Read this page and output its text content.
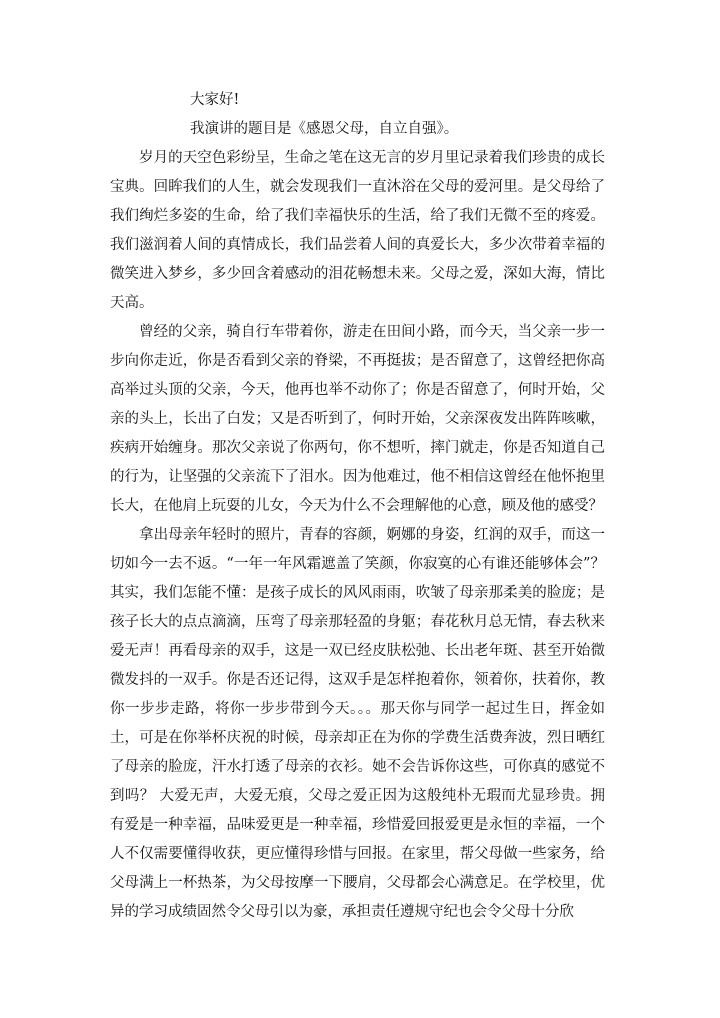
大家好!

我演讲的题目是《感恩父母，自立自强》。

岁月的天空色彩纷呈，生命之笔在这无言的岁月里记录着我们珍贵的成长宝典。回眸我们的人生，就会发现我们一直沐浴在父母的爱河里。是父母给了我们绚烂多姿的生命，给了我们幸福快乐的生活，给了我们无微不至的疼爱。我们滋润着人间的真情成长，我们品尝着人间的真爱长大，多少次带着幸福的微笑进入梦乡，多少回含着感动的泪花畅想未来。父母之爱，深如大海，情比天高。

曾经的父亲，骑自行车带着你，游走在田间小路，而今天，当父亲一步一步向你走近，你是否看到父亲的脊梁，不再挺拔；是否留意了，这曾经把你高高举过头顶的父亲，今天，他再也举不动你了；你是否留意了，何时开始，父亲的头上，长出了白发；又是否听到了，何时开始，父亲深夜发出阵阵咳嗽，疾病开始缠身。那次父亲说了你两句，你不想听，摔门就走，你是否知道自己的行为，让坚强的父亲流下了泪水。因为他难过，他不相信这曾经在他怀抱里长大，在他肩上玩耍的儿女，今天为什么不会理解他的心意，顾及他的感受？

拿出母亲年轻时的照片，青春的容颜，婀娜的身姿，红润的双手，而这一切如今一去不返。“一年一年风霜遮盖了笑颜，你寂寞的心有谁还能够体会”？其实，我们怎能不懂：是孩子成长的风风雨雨，吹皱了母亲那柔美的脸庞；是孩子长大的点点滴滴，压弯了母亲那轻盈的身躯；春花秋月总无情，春去秋来爱无声！再看母亲的双手，这是一双已经皮肤松弛、长出老年斑、甚至开始微微发抖的一双手。你是否还记得，这双手是怎样抱着你，领着你，扶着你，教你一步步走路，将你一步步带到今天。。。那天你与同学一起过生日，挥金如土，可是在你举杯庆祝的时候，母亲却正在为你的学费生活费奔波，烈日晒红了母亲的脸庞，汗水打透了母亲的衣衫。她不会告诉你这些，可你真的感觉不到吗？ 大爱无声，大爱无痕，父母之爱正因为这般纯朴无瑕而尤显珍贵。拥有爱是一种幸福，品味爱更是一种幸福，珍惜爱回报爱更是永恒的幸福，一个人不仅需要懂得收获，更应懂得珍惜与回报。在家里，帮父母做一些家务，给父母满上一杯热茶，为父母按摩一下腰肩，父母都会心满意足。在学校里，优异的学习成绩固然令父母引以为豪，承担责任遵规守纪也会令父母十分欣
